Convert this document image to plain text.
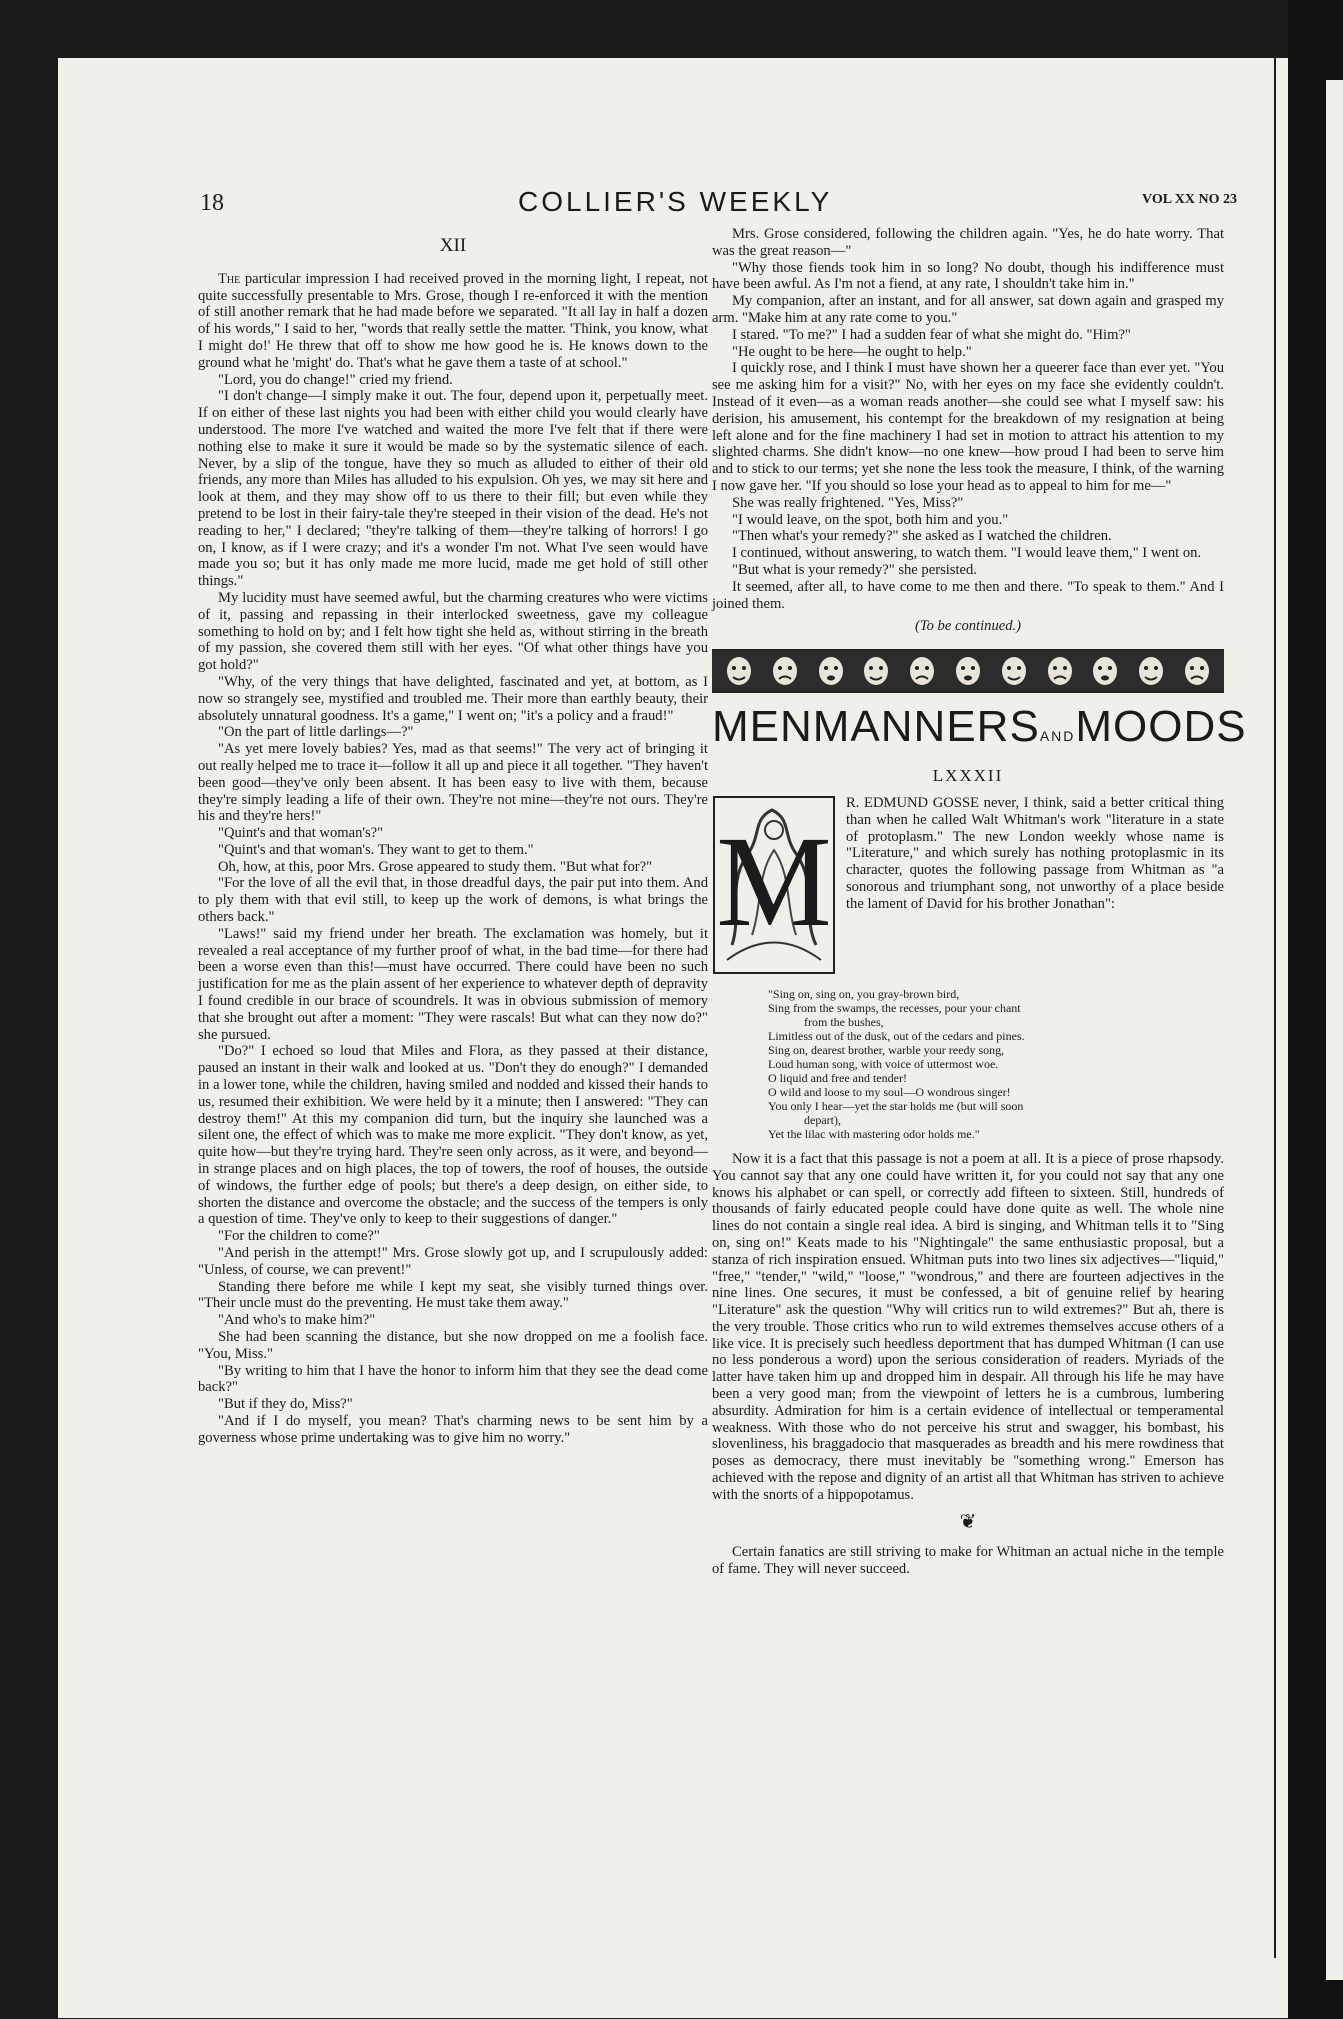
18	COLLIER'S WEEKLY	VOL XX NO 23
XII

The particular impression I had received proved in the morning light, I repeat, not quite successfully presentable to Mrs. Grose, though I re-enforced it with the mention of still another remark that he had made before we separated. "It all lay in half a dozen of his words," I said to her, "words that really settle the matter. 'Think, you know, what I might do!' He threw that off to show me how good he is. He knows down to the ground what he 'might' do. That's what he gave them a taste of at school."

"Lord, you do change!" cried my friend.

"I don't change—I simply make it out. The four, depend upon it, perpetually meet. If on either of these last nights you had been with either child you would clearly have understood. The more I've watched and waited the more I've felt that if there were nothing else to make it sure it would be made so by the systematic silence of each. Never, by a slip of the tongue, have they so much as alluded to either of their old friends, any more than Miles has alluded to his expulsion. Oh yes, we may sit here and look at them, and they may show off to us there to their fill; but even while they pretend to be lost in their fairy-tale they're steeped in their vision of the dead. He's not reading to her," I declared; "they're talking of them—they're talking of horrors! I go on, I know, as if I were crazy; and it's a wonder I'm not. What I've seen would have made you so; but it has only made me more lucid, made me get hold of still other things."

My lucidity must have seemed awful, but the charming creatures who were victims of it, passing and repassing in their interlocked sweetness, gave my colleague something to hold on by; and I felt how tight she held as, without stirring in the breath of my passion, she covered them still with her eyes. "Of what other things have you got hold?"

"Why, of the very things that have delighted, fascinated and yet, at bottom, as I now so strangely see, mystified and troubled me. Their more than earthly beauty, their absolutely unnatural goodness. It's a game," I went on; "it's a policy and a fraud!"

"On the part of little darlings—?"

"As yet mere lovely babies? Yes, mad as that seems!" The very act of bringing it out really helped me to trace it—follow it all up and piece it all together. "They haven't been good—they've only been absent. It has been easy to live with them, because they're simply leading a life of their own. They're not mine—they're not ours. They're his and they're hers!"

"Quint's and that woman's?"

"Quint's and that woman's. They want to get to them."

Oh, how, at this, poor Mrs. Grose appeared to study them. "But what for?"

"For the love of all the evil that, in those dreadful days, the pair put into them. And to ply them with that evil still, to keep up the work of demons, is what brings the others back."

"Laws!" said my friend under her breath. The exclamation was homely, but it revealed a real acceptance of my further proof of what, in the bad time—for there had been a worse even than this!—must have occurred. There could have been no such justification for me as the plain assent of her experience to whatever depth of depravity I found credible in our brace of scoundrels. It was in obvious submission of memory that she brought out after a moment: "They were rascals! But what can they now do?" she pursued.

"Do?" I echoed so loud that Miles and Flora, as they passed at their distance, paused an instant in their walk and looked at us. "Don't they do enough?" I demanded in a lower tone, while the children, having smiled and nodded and kissed their hands to us, resumed their exhibition. We were held by it a minute; then I answered: "They can destroy them!" At this my companion did turn, but the inquiry she launched was a silent one, the effect of which was to make me more explicit. "They don't know, as yet, quite how—but they're trying hard. They're seen only across, as it were, and beyond—in strange places and on high places, the top of towers, the roof of houses, the outside of windows, the further edge of pools; but there's a deep design, on either side, to shorten the distance and overcome the obstacle; and the success of the tempers is only a question of time. They've only to keep to their suggestions of danger."

"For the children to come?"

"And perish in the attempt!" Mrs. Grose slowly got up, and I scrupulously added: "Unless, of course, we can prevent!"

Standing there before me while I kept my seat, she visibly turned things over. "Their uncle must do the preventing. He must take them away."

"And who's to make him?"

She had been scanning the distance, but she now dropped on me a foolish face. "You, Miss."

"By writing to him that I have the honor to inform him that they see the dead come back?"

"But if they do, Miss?"

"And if I do myself, you mean? That's charming news to be sent him by a governess whose prime undertaking was to give him no worry."

Mrs. Grose considered, following the children again. "Yes, he do hate worry. That was the great reason—"

"Why those fiends took him in so long? No doubt, though his indifference must have been awful. As I'm not a fiend, at any rate, I shouldn't take him in."

My companion, after an instant, and for all answer, sat down again and grasped my arm. "Make him at any rate come to you."

I stared. "To me?" I had a sudden fear of what she might do. "Him?"

"He ought to be here—he ought to help."

I quickly rose, and I think I must have shown her a queerer face than ever yet. "You see me asking him for a visit?" No, with her eyes on my face she evidently couldn't. Instead of it even—as a woman reads another—she could see what I myself saw: his derision, his amusement, his contempt for the breakdown of my resignation at being left alone and for the fine machinery I had set in motion to attract his attention to my slighted charms. She didn't know—no one knew—how proud I had been to serve him and to stick to our terms; yet she none the less took the measure, I think, of the warning I now gave her. "If you should so lose your head as to appeal to him for me—"

She was really frightened. "Yes, Miss?"

"I would leave, on the spot, both him and you."

"Then what's your remedy?" she asked as I watched the children.

I continued, without answering, to watch them. "I would leave them," I went on.

"But what is your remedy?" she persisted.

It seemed, after all, to have come to me then and there. "To speak to them." And I joined them.

(To be continued.)
MEN MANNERS AND MOODS
LXXXII
M

R. EDMUND GOSSE never, I think, said a better critical thing than when he called Walt Whitman's work "literature in a state of protoplasm." The new London weekly whose name is "Literature," and which surely has nothing protoplasmic in its character, quotes the following passage from Whitman as "a sonorous and triumphant song, not unworthy of a place beside the lament of David for his brother Jonathan":

"Sing on, sing on, you gray-brown bird,
Sing from the swamps, the recesses, pour your chant
from the bushes,
Limitless out of the dusk, out of the cedars and pines.
Sing on, dearest brother, warble your reedy song,
Loud human song, with voice of uttermost woe.
O liquid and free and tender!
O wild and loose to my soul—O wondrous singer!
You only I hear—yet the star holds me (but will soon
depart),
Yet the lilac with mastering odor holds me."

Now it is a fact that this passage is not a poem at all. It is a piece of prose rhapsody. You cannot say that any one could have written it, for you could not say that any one knows his alphabet or can spell, or correctly add fifteen to sixteen. Still, hundreds of thousands of fairly educated people could have done quite as well. The whole nine lines do not contain a single real idea. A bird is singing, and Whitman tells it to "Sing on, sing on!" Keats made to his "Nightingale" the same enthusiastic proposal, but a stanza of rich inspiration ensued. Whitman puts into two lines six adjectives—"liquid," "free," "tender," "wild," "loose," "wondrous," and there are fourteen adjectives in the nine lines. One secures, it must be confessed, a bit of genuine relief by hearing "Literature" ask the question "Why will critics run to wild extremes?" But ah, there is the very trouble. Those critics who run to wild extremes themselves accuse others of a like vice. It is precisely such heedless deportment that has dumped Whitman (I can use no less ponderous a word) upon the serious consideration of readers. Myriads of the latter have taken him up and dropped him in despair. All through his life he may have been a very good man; from the viewpoint of letters he is a cumbrous, lumbering absurdity. Admiration for him is a certain evidence of intellectual or temperamental weakness. With those who do not perceive his strut and swagger, his bombast, his slovenliness, his braggadocio that masquerades as breadth and his mere rowdiness that poses as democracy, there must inevitably be "something wrong." Emerson has achieved with the repose and dignity of an artist all that Whitman has striven to achieve with the snorts of a hippopotamus.

❦

Certain fanatics are still striving to make for Whitman an actual niche in the temple of fame. They will never succeed.
